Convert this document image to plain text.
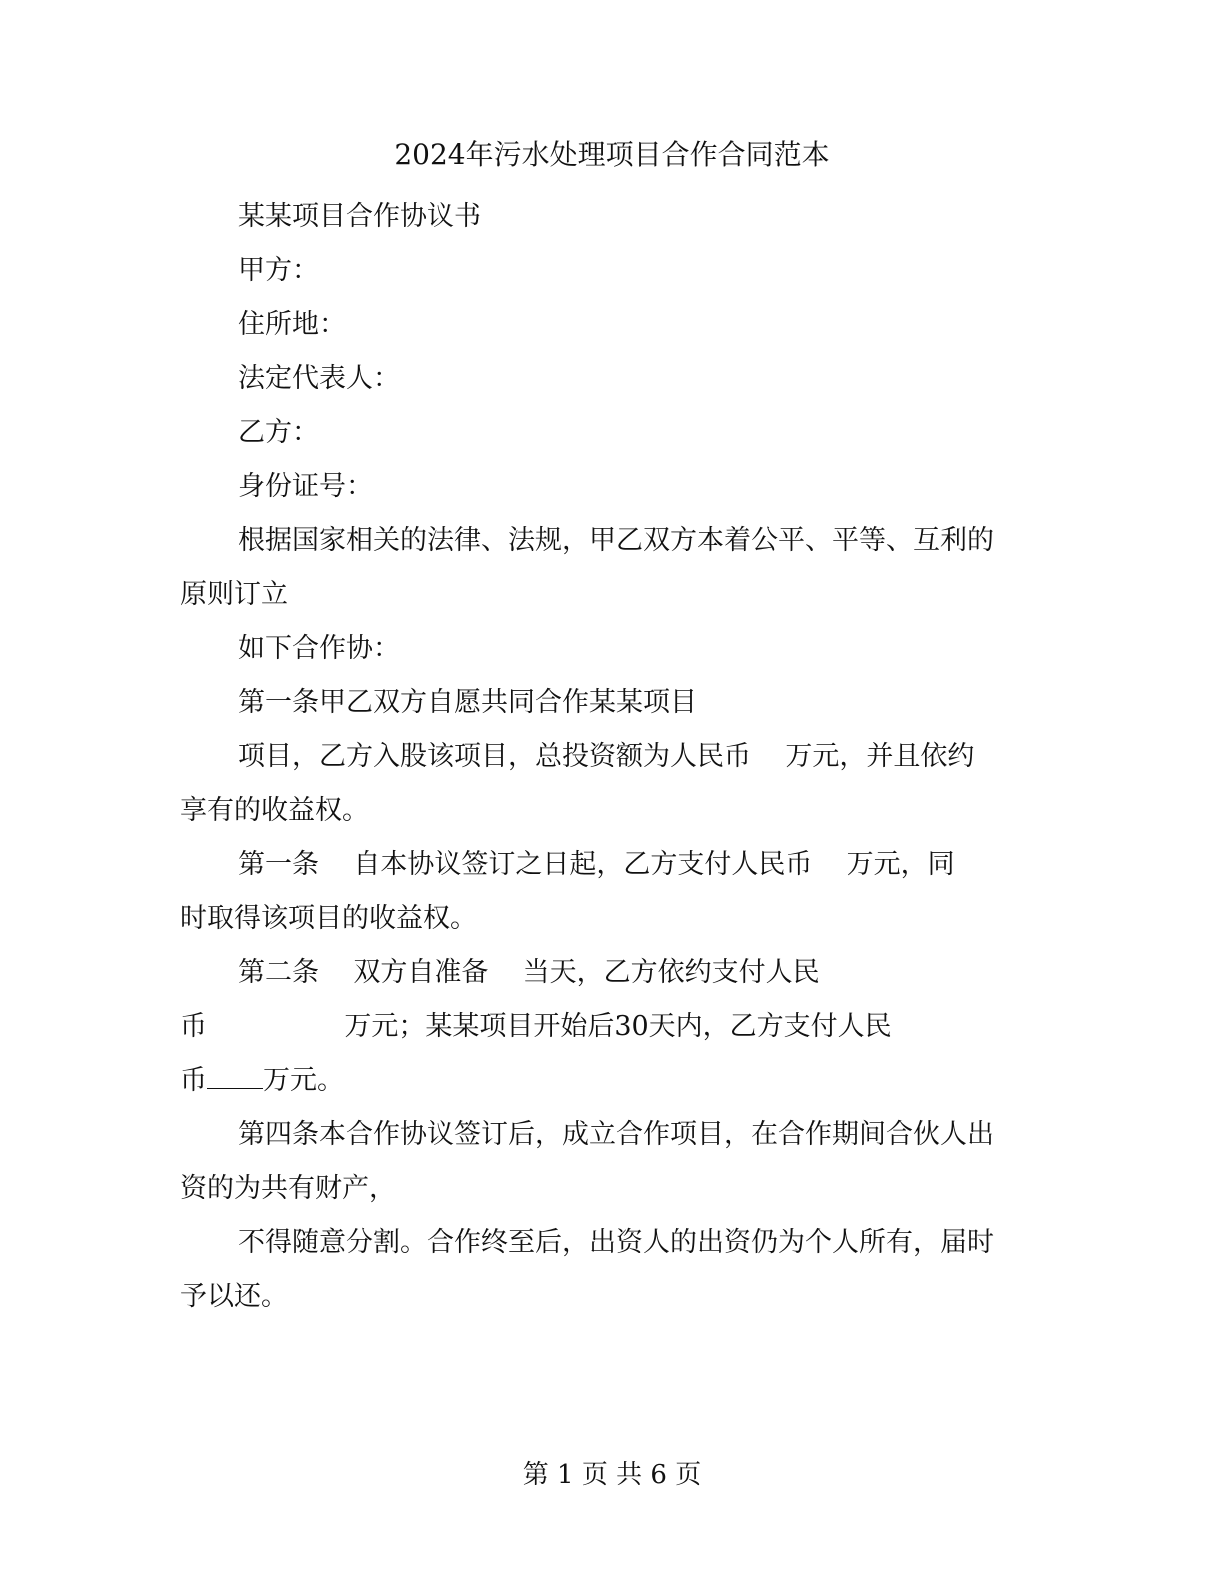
2024年污水处理项目合作合同范本

某某项目合作协议书

甲方：

住所地：

法定代表人：

乙方：

身份证号：

根据国家相关的法律、法规，甲乙双方本着公平、平等、互利的

原则订立

如下合作协：

第一条甲乙双方自愿共同合作某某项目

项目，乙方入股该项目，总投资额为人民币    万元，并且依约

享有的收益权。

第一条    自本协议签订之日起，乙方支付人民币    万元，同

时取得该项目的收益权。

第二条    双方自准备    当天，乙方依约支付人民

币                万元；某某项目开始后30天内，乙方支付人民

币 万元。

第四条本合作协议签订后，成立合作项目，在合作期间合伙人出

资的为共有财产，

不得随意分割。合作终至后，出资人的出资仍为个人所有，届时

予以还。

第 1 页 共 6 页
